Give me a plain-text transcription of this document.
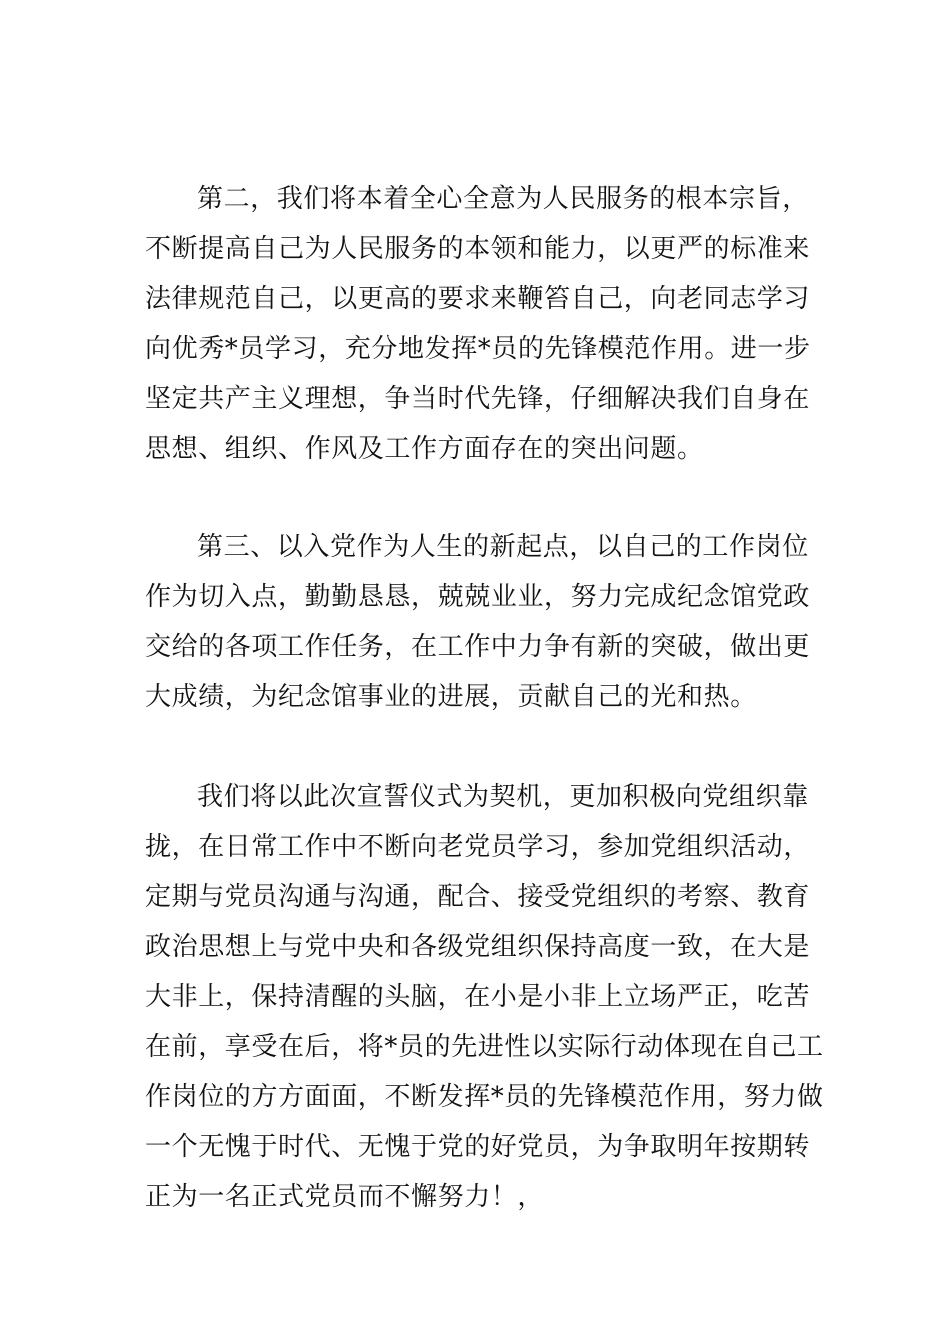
第二，我们将本着全心全意为人民服务的根本宗旨，
不断提高自己为人民服务的本领和能力，以更严的标准来
法律规范自己，以更高的要求来鞭笞自己，向老同志学习
向优秀*员学习，充分地发挥*员的先锋模范作用。进一步
坚定共产主义理想，争当时代先锋，仔细解决我们自身在
思想、组织、作风及工作方面存在的突出问题。
第三、以入党作为人生的新起点，以自己的工作岗位
作为切入点，勤勤恳恳，兢兢业业，努力完成纪念馆党政
交给的各项工作任务，在工作中力争有新的突破，做出更
大成绩，为纪念馆事业的进展，贡献自己的光和热。
我们将以此次宣誓仪式为契机，更加积极向党组织靠
拢，在日常工作中不断向老党员学习，参加党组织活动，
定期与党员沟通与沟通，配合、接受党组织的考察、教育
政治思想上与党中央和各级党组织保持高度一致，在大是
大非上，保持清醒的头脑，在小是小非上立场严正，吃苦
在前，享受在后，将*员的先进性以实际行动体现在自己工
作岗位的方方面面，不断发挥*员的先锋模范作用，努力做
一个无愧于时代、无愧于党的好党员，为争取明年按期转
正为一名正式党员而不懈努力！，
